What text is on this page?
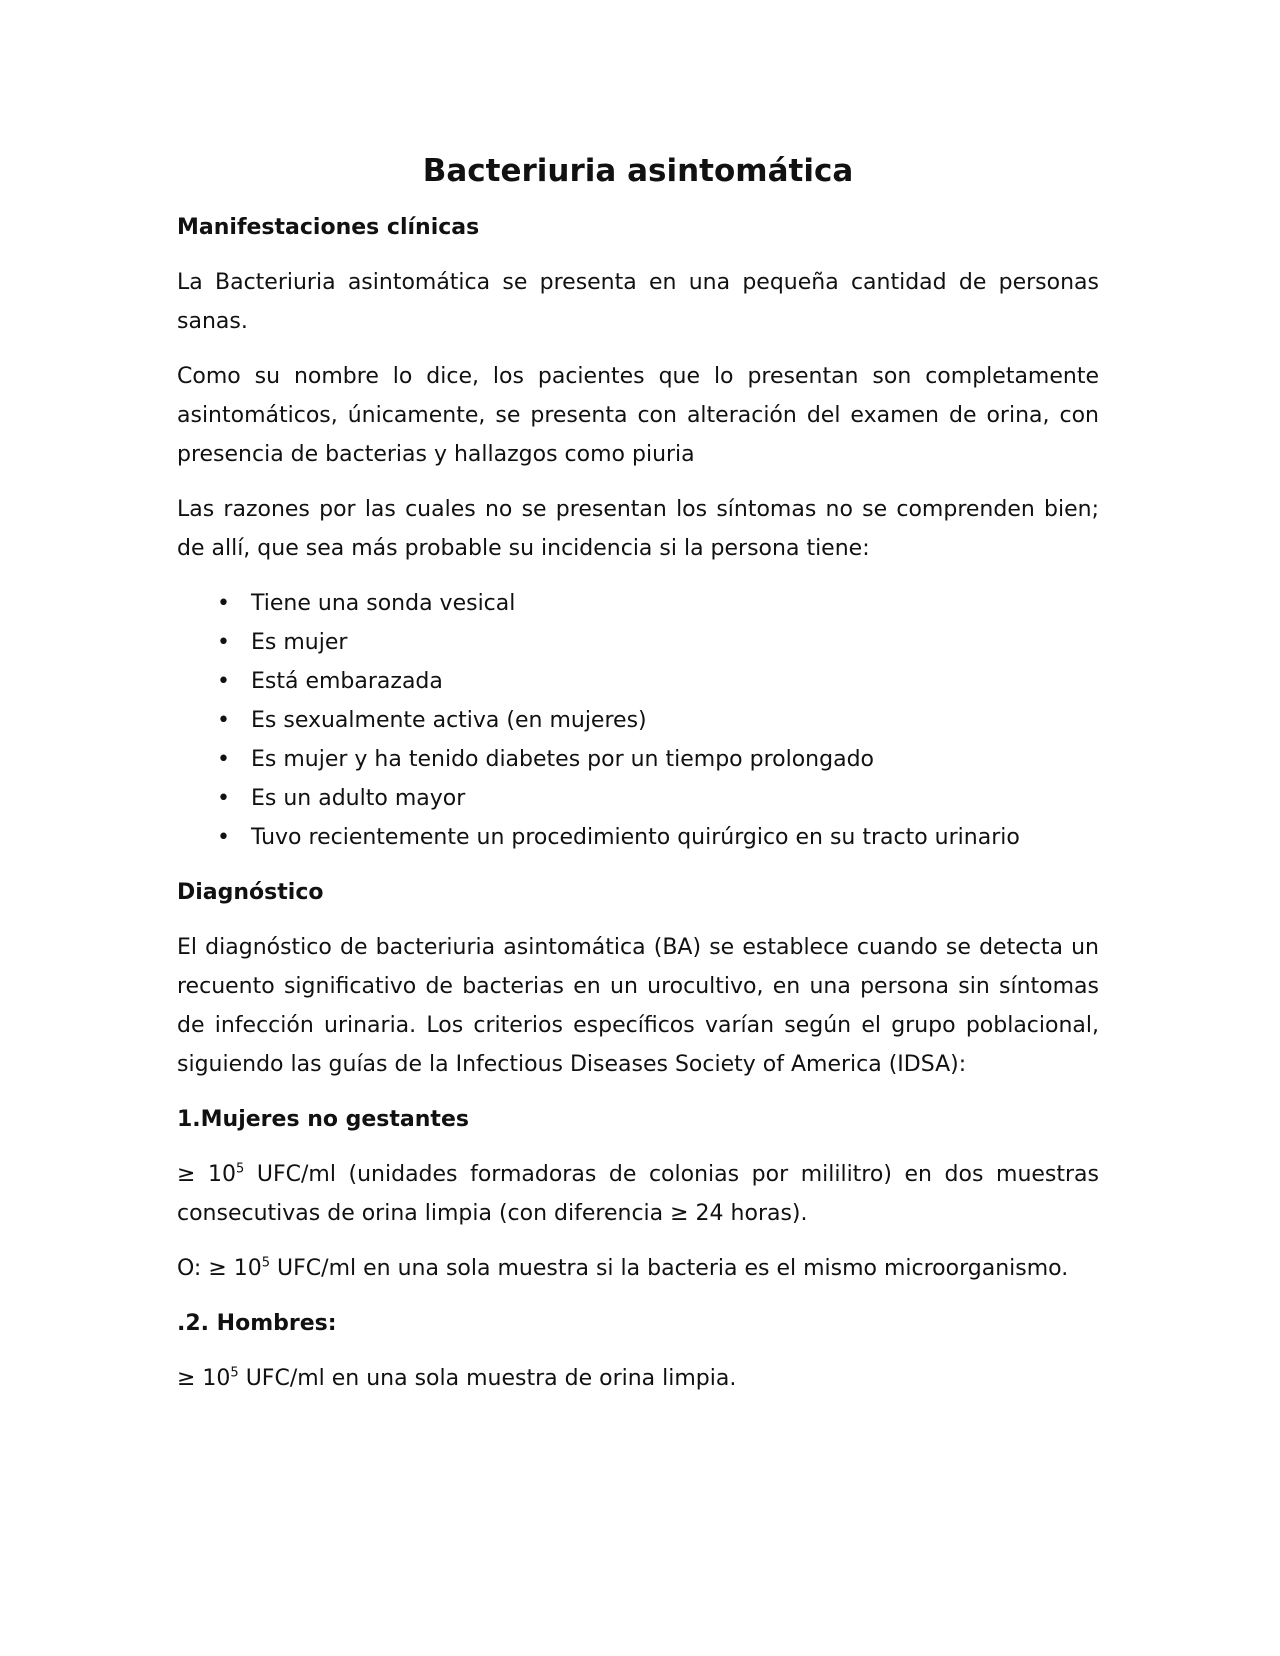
Bacteriuria asintomática
Manifestaciones clínicas

La Bacteriuria asintomática se presenta en una pequeña cantidad de personas sanas.

Como su nombre lo dice, los pacientes que lo presentan son completamente asintomáticos, únicamente, se presenta con alteración del examen de orina, con presencia de bacterias y hallazgos como piuria

Las razones por las cuales no se presentan los síntomas no se comprenden bien; de allí, que sea más probable su incidencia si la persona tiene:

• Tiene una sonda vesical
• Es mujer
• Está embarazada
• Es sexualmente activa (en mujeres)
• Es mujer y ha tenido diabetes por un tiempo prolongado
• Es un adulto mayor
• Tuvo recientemente un procedimiento quirúrgico en su tracto urinario
Diagnóstico

El diagnóstico de bacteriuria asintomática (BA) se establece cuando se detecta un recuento significativo de bacterias en un urocultivo, en una persona sin síntomas de infección urinaria. Los criterios específicos varían según el grupo poblacional, siguiendo las guías de la Infectious Diseases Society of America (IDSA):

1.Mujeres no gestantes

≥ $10^5$ UFC/ml (unidades formadoras de colonias por mililitro) en dos muestras consecutivas de orina limpia (con diferencia ≥ 24 horas).

O: ≥ $10^5$ UFC/ml en una sola muestra si la bacteria es el mismo microorganismo.

.2. Hombres:

≥ $10^5$ UFC/ml en una sola muestra de orina limpia.
